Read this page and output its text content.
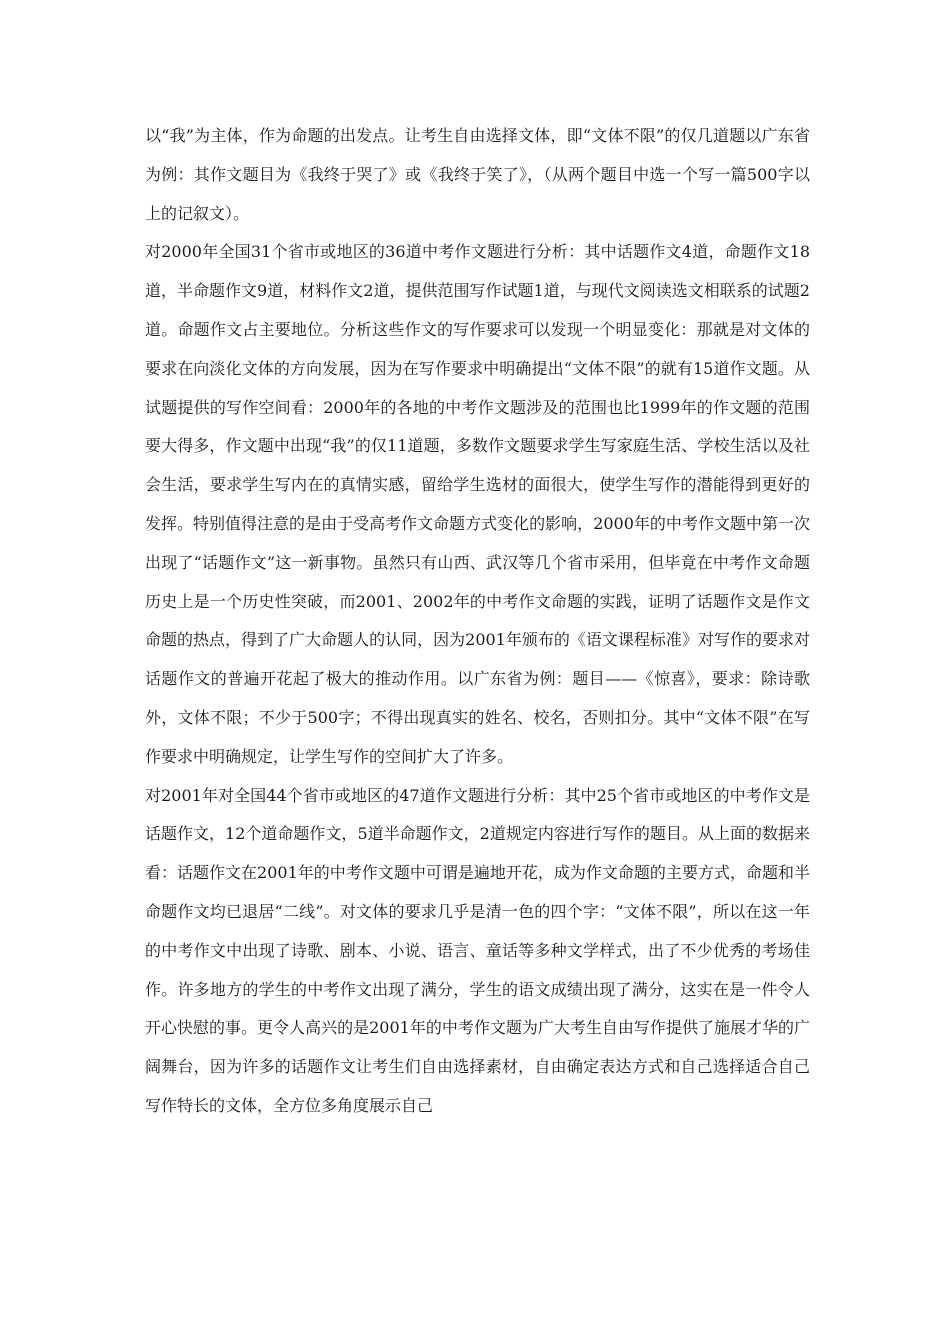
以“我”为主体，作为命题的出发点。让考生自由选择文体，即“文体不限”的仅几道题以广东省为例：其作文题目为《我终于哭了》或《我终于笑了》，（从两个题目中选一个写一篇500字以上的记叙文）。

对2000年全国31个省市或地区的36道中考作文题进行分析：其中话题作文4道，命题作文18道，半命题作文9道，材料作文2道，提供范围写作试题1道，与现代文阅读选文相联系的试题2道。命题作文占主要地位。分析这些作文的写作要求可以发现一个明显变化：那就是对文体的要求在向淡化文体的方向发展，因为在写作要求中明确提出“文体不限”的就有15道作文题。从试题提供的写作空间看：2000年的各地的中考作文题涉及的范围也比1999年的作文题的范围要大得多，作文题中出现“我”的仅11道题，多数作文题要求学生写家庭生活、学校生活以及社会生活，要求学生写内在的真情实感，留给学生选材的面很大，使学生写作的潜能得到更好的发挥。特别值得注意的是由于受高考作文命题方式变化的影响，2000年的中考作文题中第一次出现了“话题作文”这一新事物。虽然只有山西、武汉等几个省市采用，但毕竟在中考作文命题历史上是一个历史性突破，而2001、2002年的中考作文命题的实践，证明了话题作文是作文命题的热点，得到了广大命题人的认同，因为2001年颁布的《语文课程标准》对写作的要求对话题作文的普遍开花起了极大的推动作用。以广东省为例：题目——《惊喜》，要求：除诗歌外，文体不限；不少于500字；不得出现真实的姓名、校名，否则扣分。其中“文体不限”在写作要求中明确规定，让学生写作的空间扩大了许多。

对2001年对全国44个省市或地区的47道作文题进行分析：其中25个省市或地区的中考作文是话题作文，12个道命题作文，5道半命题作文，2道规定内容进行写作的题目。从上面的数据来看：话题作文在2001年的中考作文题中可谓是遍地开花，成为作文命题的主要方式，命题和半命题作文均已退居“二线”。对文体的要求几乎是清一色的四个字：“文体不限”，所以在这一年的中考作文中出现了诗歌、剧本、小说、语言、童话等多种文学样式，出了不少优秀的考场佳作。许多地方的学生的中考作文出现了满分，学生的语文成绩出现了满分，这实在是一件令人开心快慰的事。更令人高兴的是2001年的中考作文题为广大考生自由写作提供了施展才华的广阔舞台，因为许多的话题作文让考生们自由选择素材，自由确定表达方式和自己选择适合自己写作特长的文体，全方位多角度展示自己
